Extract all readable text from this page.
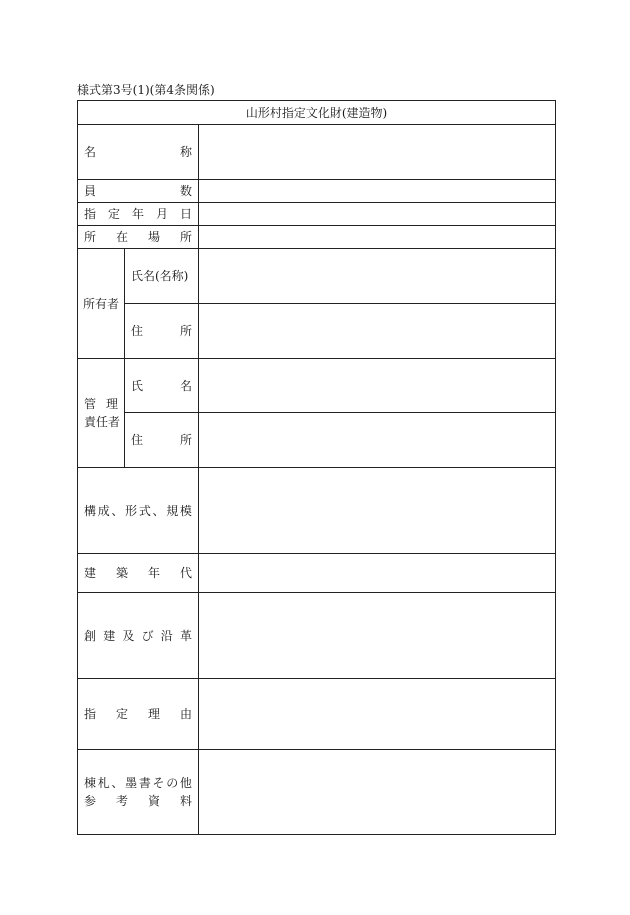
様式第3号(1)(第4条関係)
山形村指定文化財(建造物)
名	称
員	数
指 定 年 月 日
所 在 場 所
所 有 者
氏名(名称)
住	所
管 理
責 任 者
氏	名
住	所
構 成 、 形 式 、 規 模
建 築 年 代
創 建 及 び 沿 革
指 定 理 由
棟 札 、 墨 書 そ の 他
参 考 資 料
